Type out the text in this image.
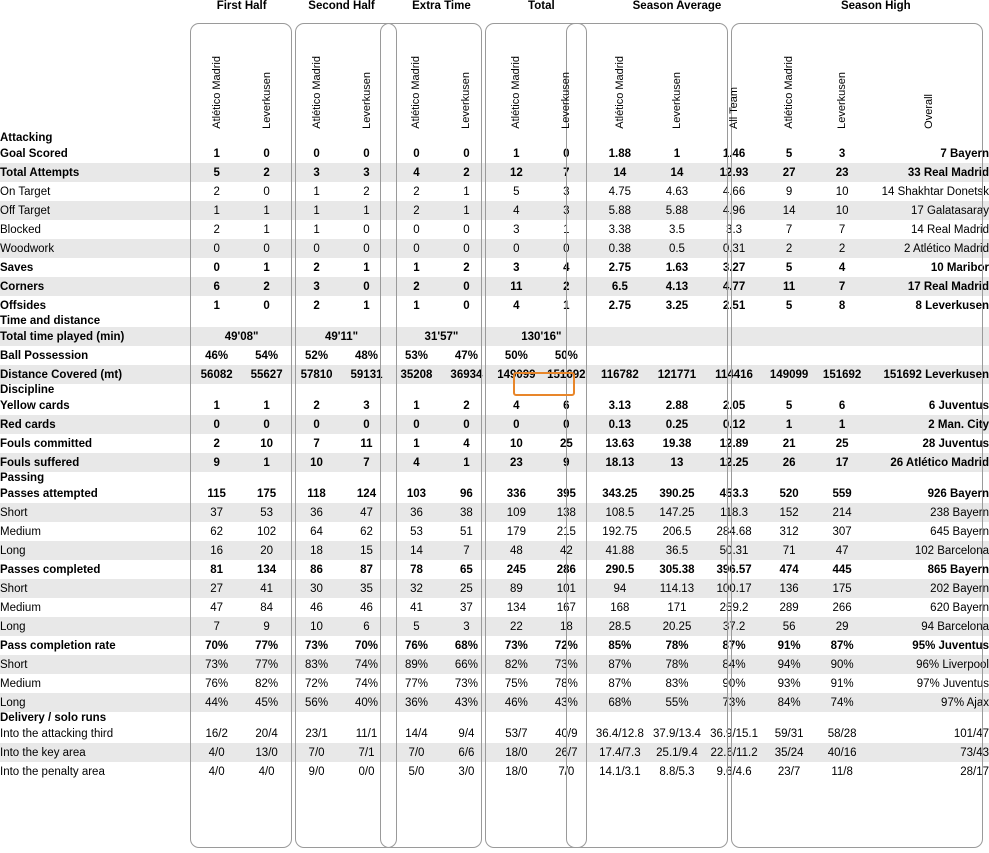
	First Half		Second Half		Extra Time		Total		Season Average			Season High		
	Atlético Madrid	Leverkusen	Atlético Madrid	Leverkusen	Atlético Madrid	Leverkusen	Atlético Madrid	Leverkusen	Atlético Madrid	Leverkusen	All Team	Atlético Madrid	Leverkusen	Overall
Attacking														
Goal Scored	1	0	0	0	0	0	1	0	1.88	1	1.46	5	3	7 Bayern
Total Attempts	5	2	3	3	4	2	12	7	14	14	12.93	27	23	33 Real Madrid
On Target	2	0	1	2	2	1	5	3	4.75	4.63	4.66	9	10	14 Shakhtar Donetsk
Off Target	1	1	1	1	2	1	4	3	5.88	5.88	4.96	14	10	17 Galatasaray
Blocked	2	1	1	0	0	0	3	1	3.38	3.5	3.3	7	7	14 Real Madrid
Woodwork	0	0	0	0	0	0	0	0	0.38	0.5	0.31	2	2	2 Atlético Madrid
Saves	0	1	2	1	1	2	3	4	2.75	1.63	3.27	5	4	10 Maribor
Corners	6	2	3	0	2	0	11	2	6.5	4.13	4.77	11	7	17 Real Madrid
Offsides	1	0	2	1	1	0	4	1	2.75	3.25	2.51	5	8	8 Leverkusen
Time and distance														
Total time played (min)	49'08"		49'11"		31'57"		130'16"							
Ball Possession	46%	54%	52%	48%	53%	47%	50%	50%						
Distance Covered (mt)	56082	55627	57810	59131	35208	36934	149099	151692	116782	121771	114416	149099	151692	151692 Leverkusen
Discipline														
Yellow cards	1	1	2	3	1	2	4	6	3.13	2.88	2.05	5	6	6 Juventus
Red cards	0	0	0	0	0	0	0	0	0.13	0.25	0.12	1	1	2 Man. City
Fouls committed	2	10	7	11	1	4	10	25	13.63	19.38	12.89	21	25	28 Juventus
Fouls suffered	9	1	10	7	4	1	23	9	18.13	13	12.25	26	17	26 Atlético Madrid
Passing														
Passes attempted	115	175	118	124	103	96	336	395	343.25	390.25	453.3	520	559	926 Bayern
Short	37	53	36	47	36	38	109	138	108.5	147.25	118.3	152	214	238 Bayern
Medium	62	102	64	62	53	51	179	215	192.75	206.5	284.68	312	307	645 Bayern
Long	16	20	18	15	14	7	48	42	41.88	36.5	50.31	71	47	102 Barcelona
Passes completed	81	134	86	87	78	65	245	286	290.5	305.38	396.57	474	445	865 Bayern
Short	27	41	30	35	32	25	89	101	94	114.13	100.17	136	175	202 Bayern
Medium	47	84	46	46	41	37	134	167	168	171	259.2	289	266	620 Bayern
Long	7	9	10	6	5	3	22	18	28.5	20.25	37.2	56	29	94 Barcelona
Pass completion rate	70%	77%	73%	70%	76%	68%	73%	72%	85%	78%	87%	91%	87%	95% Juventus
Short	73%	77%	83%	74%	89%	66%	82%	73%	87%	78%	84%	94%	90%	96% Liverpool
Medium	76%	82%	72%	74%	77%	73%	75%	78%	87%	83%	90%	93%	91%	97% Juventus
Long	44%	45%	56%	40%	36%	43%	46%	43%	68%	55%	73%	84%	74%	97% Ajax
Delivery / solo runs														
Into the attacking third	16/2	20/4	23/1	11/1	14/4	9/4	53/7	40/9	36.4/12.8	37.9/13.4	36.9/15.1	59/31	58/28	101/47
Into the key area	4/0	13/0	7/0	7/1	7/0	6/6	18/0	26/7	17.4/7.3	25.1/9.4	22.6/11.2	35/24	40/16	73/43
Into the penalty area	4/0	4/0	9/0	0/0	5/0	3/0	18/0	7/0	14.1/3.1	8.8/5.3	9.6/4.6	23/7	11/8	28/17
